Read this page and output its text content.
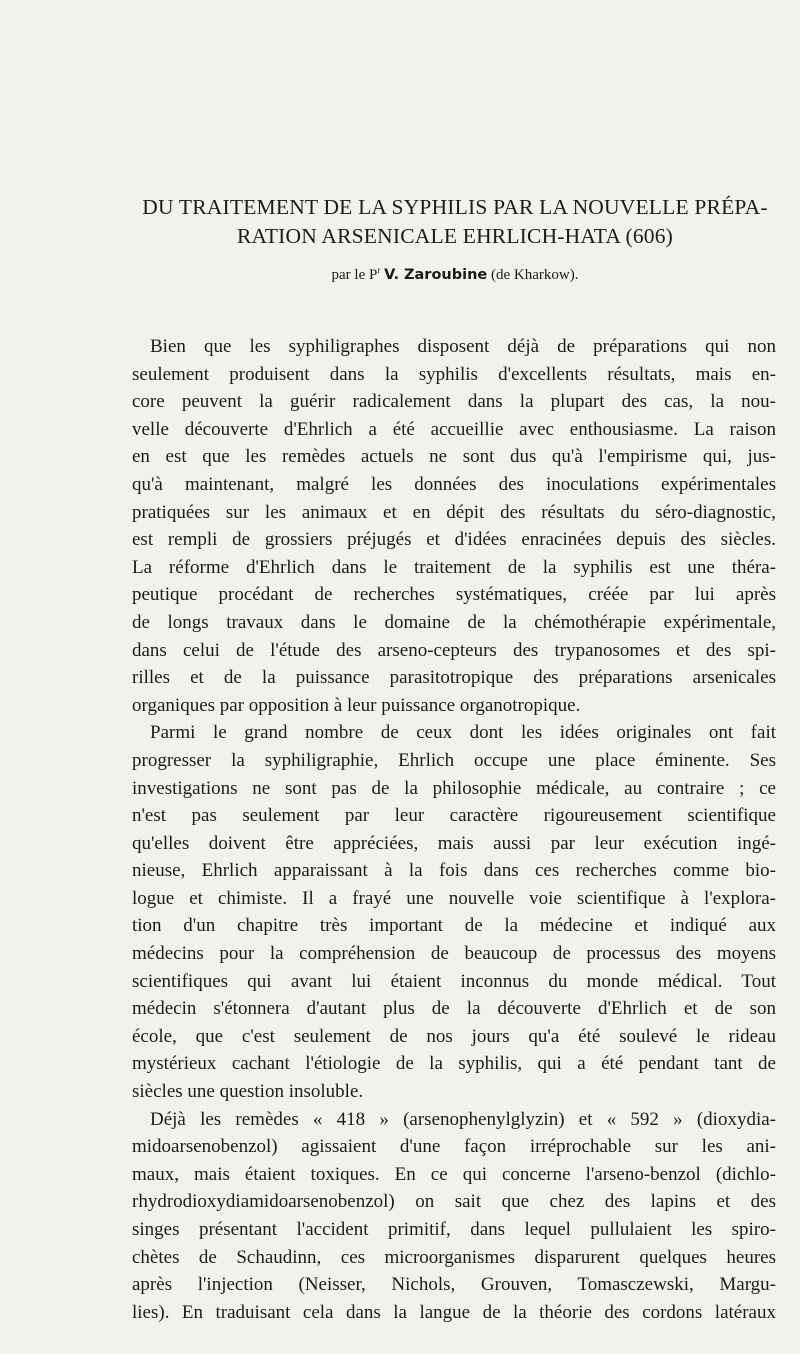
DU TRAITEMENT DE LA SYPHILIS PAR LA NOUVELLE PRÉPA-
RATION ARSENICALE EHRLICH-HATA (606)
par le $P^r$ V. Zaroubine (de Kharkow).
Bien que les syphiligraphes disposent déjà de préparations qui non
seulement produisent dans la syphilis d'excellents résultats, mais en-
core peuvent la guérir radicalement dans la plupart des cas, la nou-
velle découverte d'Ehrlich a été accueillie avec enthousiasme. La raison
en est que les remèdes actuels ne sont dus qu'à l'empirisme qui, jus-
qu'à maintenant, malgré les données des inoculations expérimentales
pratiquées sur les animaux et en dépit des résultats du séro-diagnostic,
est rempli de grossiers préjugés et d'idées enracinées depuis des siècles.
La réforme d'Ehrlich dans le traitement de la syphilis est une théra-
peutique procédant de recherches systématiques, créée par lui après
de longs travaux dans le domaine de la chémothérapie expérimentale,
dans celui de l'étude des arseno-cepteurs des trypanosomes et des spi-
rilles et de la puissance parasitotropique des préparations arsenicales
organiques par opposition à leur puissance organotropique.
Parmi le grand nombre de ceux dont les idées originales ont fait
progresser la syphiligraphie, Ehrlich occupe une place éminente. Ses
investigations ne sont pas de la philosophie médicale, au contraire ; ce
n'est pas seulement par leur caractère rigoureusement scientifique
qu'elles doivent être appréciées, mais aussi par leur exécution ingé-
nieuse, Ehrlich apparaissant à la fois dans ces recherches comme bio-
logue et chimiste. Il a frayé une nouvelle voie scientifique à l'explora-
tion d'un chapitre très important de la médecine et indiqué aux
médecins pour la compréhension de beaucoup de processus des moyens
scientifiques qui avant lui étaient inconnus du monde médical. Tout
médecin s'étonnera d'autant plus de la découverte d'Ehrlich et de son
école, que c'est seulement de nos jours qu'a été soulevé le rideau
mystérieux cachant l'étiologie de la syphilis, qui a été pendant tant de
siècles une question insoluble.
Déjà les remèdes « 418 » (arsenophenylglyzin) et « 592 » (dioxydia-
midoarsenobenzol) agissaient d'une façon irréprochable sur les ani-
maux, mais étaient toxiques. En ce qui concerne l'arseno-benzol (dichlo-
rhydrodioxydiamidoarsenobenzol) on sait que chez des lapins et des
singes présentant l'accident primitif, dans lequel pullulaient les spiro-
chètes de Schaudinn, ces microorganismes disparurent quelques heures
après l'injection (Neisser, Nichols, Grouven, Tomasczewski, Margu-
lies). En traduisant cela dans la langue de la théorie des cordons latéraux
